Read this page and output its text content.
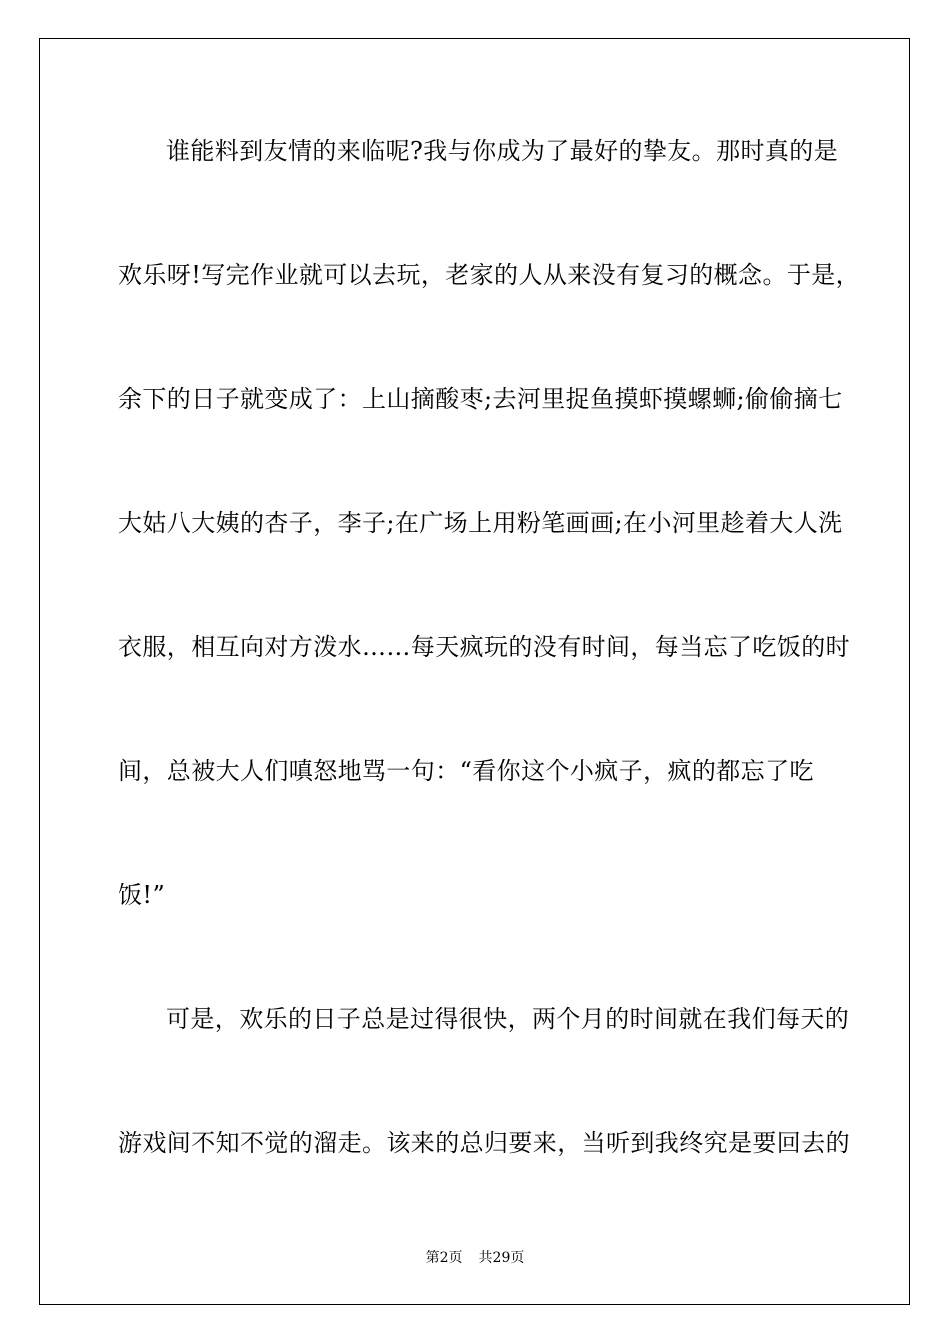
谁能料到友情的来临呢?我与你成为了最好的挚友。那时真的是
欢乐呀!写完作业就可以去玩，老家的人从来没有复习的概念。于是，
余下的日子就变成了：上山摘酸枣;去河里捉鱼摸虾摸螺蛳;偷偷摘七
大姑八大姨的杏子，李子;在广场上用粉笔画画;在小河里趁着大人洗
衣服，相互向对方泼水……每天疯玩的没有时间，每当忘了吃饭的时
间，总被大人们嗔怒地骂一句：“看你这个小疯子，疯的都忘了吃
饭!”

可是，欢乐的日子总是过得很快，两个月的时间就在我们每天的
游戏间不知不觉的溜走。该来的总归要来，当听到我终究是要回去的

第2页 共29页
